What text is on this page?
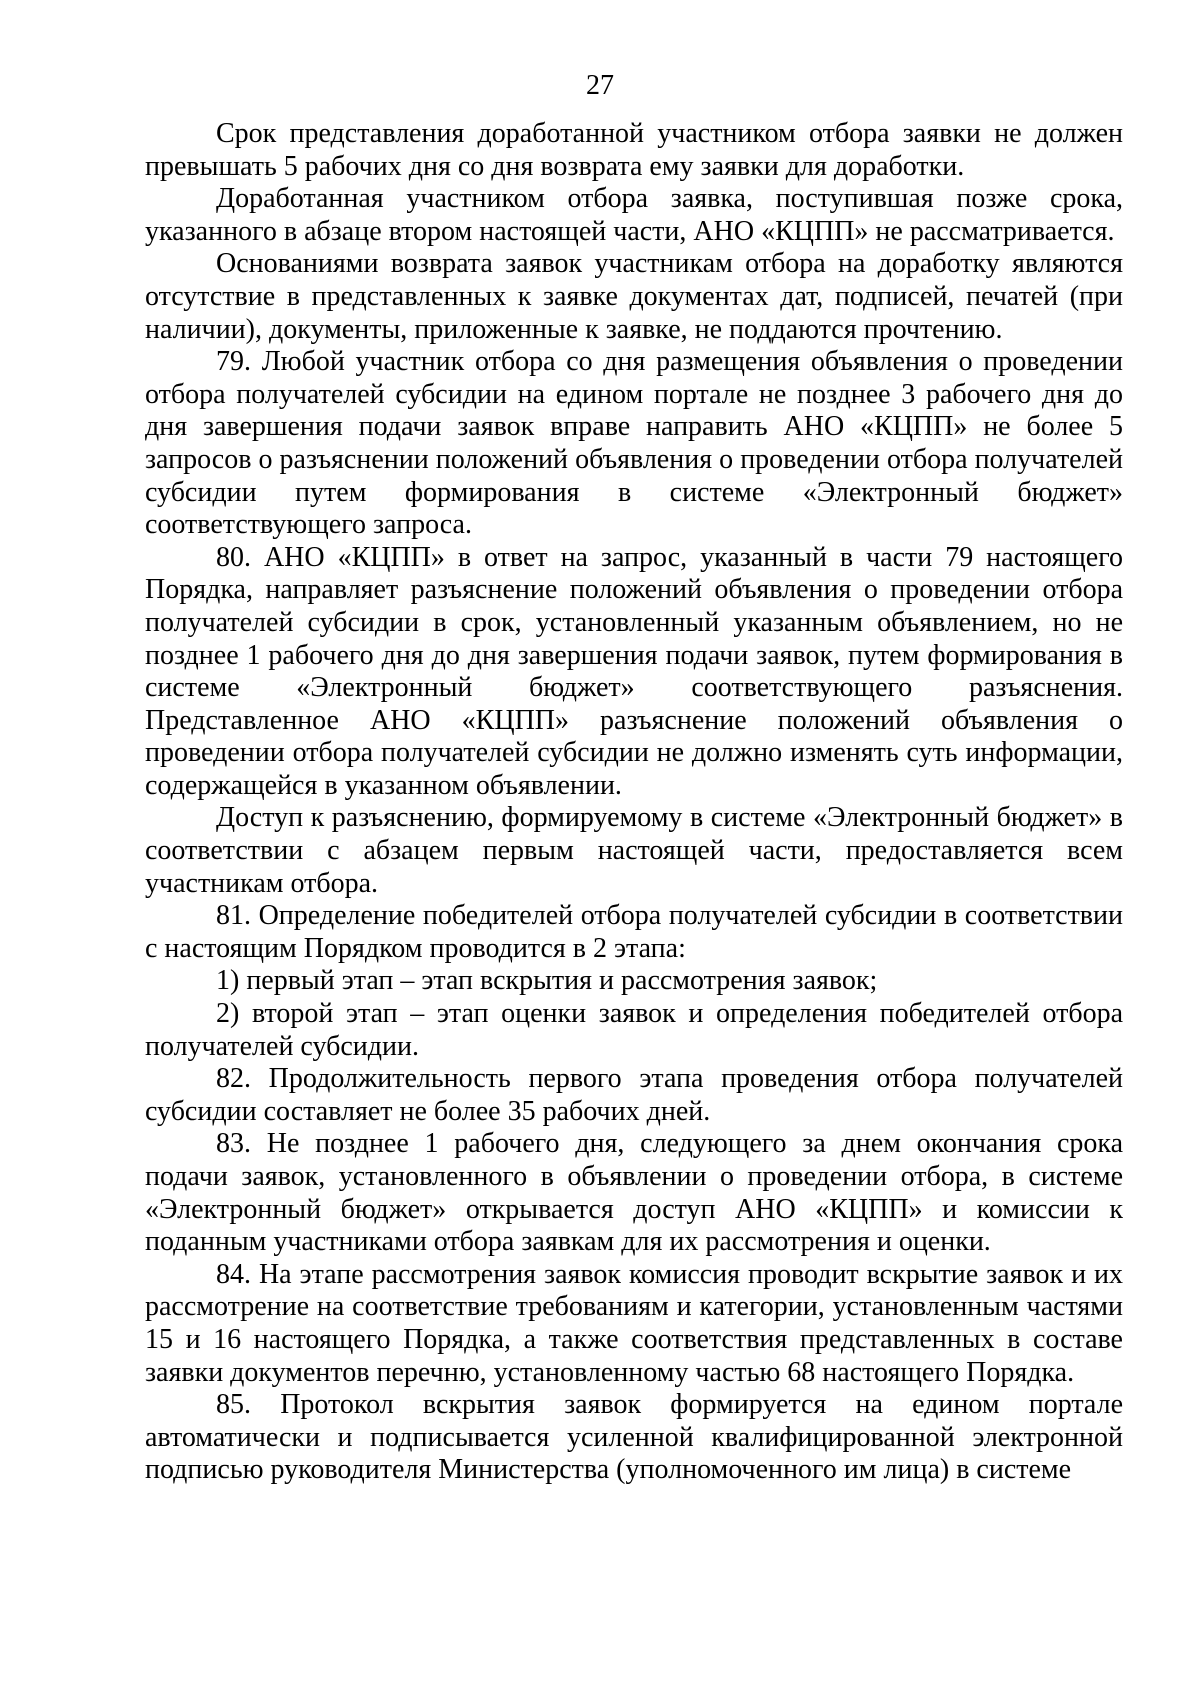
27

Срок представления доработанной участником отбора заявки не должен превышать 5 рабочих дня со дня возврата ему заявки для доработки.

Доработанная участником отбора заявка, поступившая позже срока, указанного в абзаце втором настоящей части, АНО «КЦПП» не рассматривается.

Основаниями возврата заявок участникам отбора на доработку являются отсутствие в представленных к заявке документах дат, подписей, печатей (при наличии), документы, приложенные к заявке, не поддаются прочтению.

79. Любой участник отбора со дня размещения объявления о проведении отбора получателей субсидии на едином портале не позднее 3 рабочего дня до дня завершения подачи заявок вправе направить АНО «КЦПП» не более 5 запросов о разъяснении положений объявления о проведении отбора получателей субсидии путем формирования в системе «Электронный бюджет» соответствующего запроса.

80. АНО «КЦПП» в ответ на запрос, указанный в части 79 настоящего Порядка, направляет разъяснение положений объявления о проведении отбора получателей субсидии в срок, установленный указанным объявлением, но не позднее 1 рабочего дня до дня завершения подачи заявок, путем формирования в системе «Электронный бюджет» соответствующего разъяснения. Представленное АНО «КЦПП» разъяснение положений объявления о проведении отбора получателей субсидии не должно изменять суть информации, содержащейся в указанном объявлении.

Доступ к разъяснению, формируемому в системе «Электронный бюджет» в соответствии с абзацем первым настоящей части, предоставляется всем участникам отбора.

81. Определение победителей отбора получателей субсидии в соответствии с настоящим Порядком проводится в 2 этапа:

1) первый этап – этап вскрытия и рассмотрения заявок;

2) второй этап – этап оценки заявок и определения победителей отбора получателей субсидии.

82. Продолжительность первого этапа проведения отбора получателей субсидии составляет не более 35 рабочих дней.

83. Не позднее 1 рабочего дня, следующего за днем окончания срока подачи заявок, установленного в объявлении о проведении отбора, в системе «Электронный бюджет» открывается доступ АНО «КЦПП» и комиссии к поданным участниками отбора заявкам для их рассмотрения и оценки.

84. На этапе рассмотрения заявок комиссия проводит вскрытие заявок и их рассмотрение на соответствие требованиям и категории, установленным частями 15 и 16 настоящего Порядка, а также соответствия представленных в составе заявки документов перечню, установленному частью 68 настоящего Порядка.

85. Протокол вскрытия заявок формируется на едином портале автоматически и подписывается усиленной квалифицированной электронной подписью руководителя Министерства (уполномоченного им лица) в системе
